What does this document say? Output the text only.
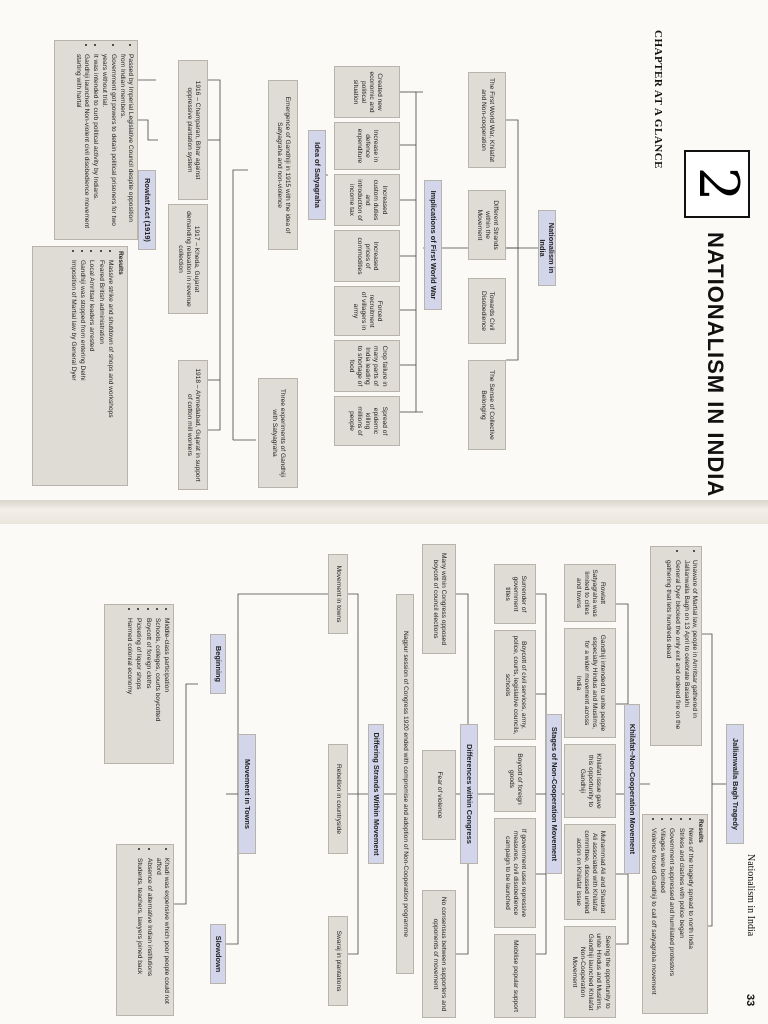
2
NATIONALISM IN INDIA
CHAPTER AT A GLANCE
Nationalism in India
The First World War, Khilafat and Non-cooperation
Different Strands within the Movement
Towards Civil Disobedience
The Sense of Collective Belonging
Implications of First World War
Created new economic and political situation
Increase in defence expenditure
Increased custom duties and introduction of income tax
Increased prices of commodities
Forced recruitment of villagers in army
Crop failure in many parts of India leading to shortage of food
Spread of epidemic killing millions of people
Idea of Satyagraha
Emergence of Gandhiji in 1915 with the idea of Satyagraha and non-violence
Three experiments of Gandhiji with Satyagraha
1916 – Champaran, Bihar against oppressive plantation system
1917 – Kheda, Gujarat demanding relaxation in revenue collection
1918 – Ahmedabad, Gujarat in support of cotton mill workers
Rowlatt Act (1919)
• Passed by Imperial Legislative Council despite opposition from Indian members.
• Government got powers to detain political prisoners for two years without trial.
• It was intended to curb political activity by Indians.
• Gandhiji launched Non-violent civil disobedience movement starting with hartal
Results
• Massive strike and shutdown of shops and workshops
• Feared British administration
• Local Amritsar leaders arrested
• Gandhiji was stopped from entering Delhi
• Imposition of Martial law by General Dyer
Nationalism in India
33
Jallianwalla Bagh Tragedy
• Unaware of Martial law, people in Amritsar gathered in Jallianwalla Bagh on 13 April to celebrate Baisakhi
• General Dyer blocked the only exit and ordered fire on the gathering that lets hundreds dead
Results
• News of the tragedy spread to north India
• Strikes and clashes with police began
• Government suppressed and humiliated protestors
• Villages were bombed
• Violence forced Gandhiji to call off satyagraha movement
Khilafat–Non-Cooperation Movement
Rowlatt Satyagraha was limited to cities and towns
Gandhiji intended to unite people especially Hindus and Muslims, for a wider movement across India
Khilafat issue gave this opportunity to Gandhiji
Muhammad Ali and Shaukat Ali associated with Khilafat committee, discussed united action on Khilafat issue
Seeing the opportunity to unite Hindus and Muslims, Gandhiji launched Khilafat Non-Cooperation Movement
Stages of Non-Cooperation Movement
Surrender of government titles
Boycott of civil services, army, police, courts, legislative councils, schools
Boycott of foreign goods
If government uses repressive measures, civil disobedience campaign to be launched
Mobilise popular support
Differences within Congress
Many within Congress opposed boycott of council elections
Fear of violence
No consensus between supporters and opponents of movement
Nagpur session of Congress 1920 ended with compromise and adoption of Non-Cooperation programme
Differing Strands Within Movement
Movement in towns
Rebellion in countryside
Swaraj in plantations
Movement in Towns
Beginning
Slowdown
• Middle-class participation
• Schools, colleges, courts boycotted
• Boycott of foreign cloths
• Picketing of liquor shops
• Harmed colonial economy
• Khadi was expensive which poor people could not afford
• Absence of alternative Indian institutions
• Students, teachers, lawyers joined back
